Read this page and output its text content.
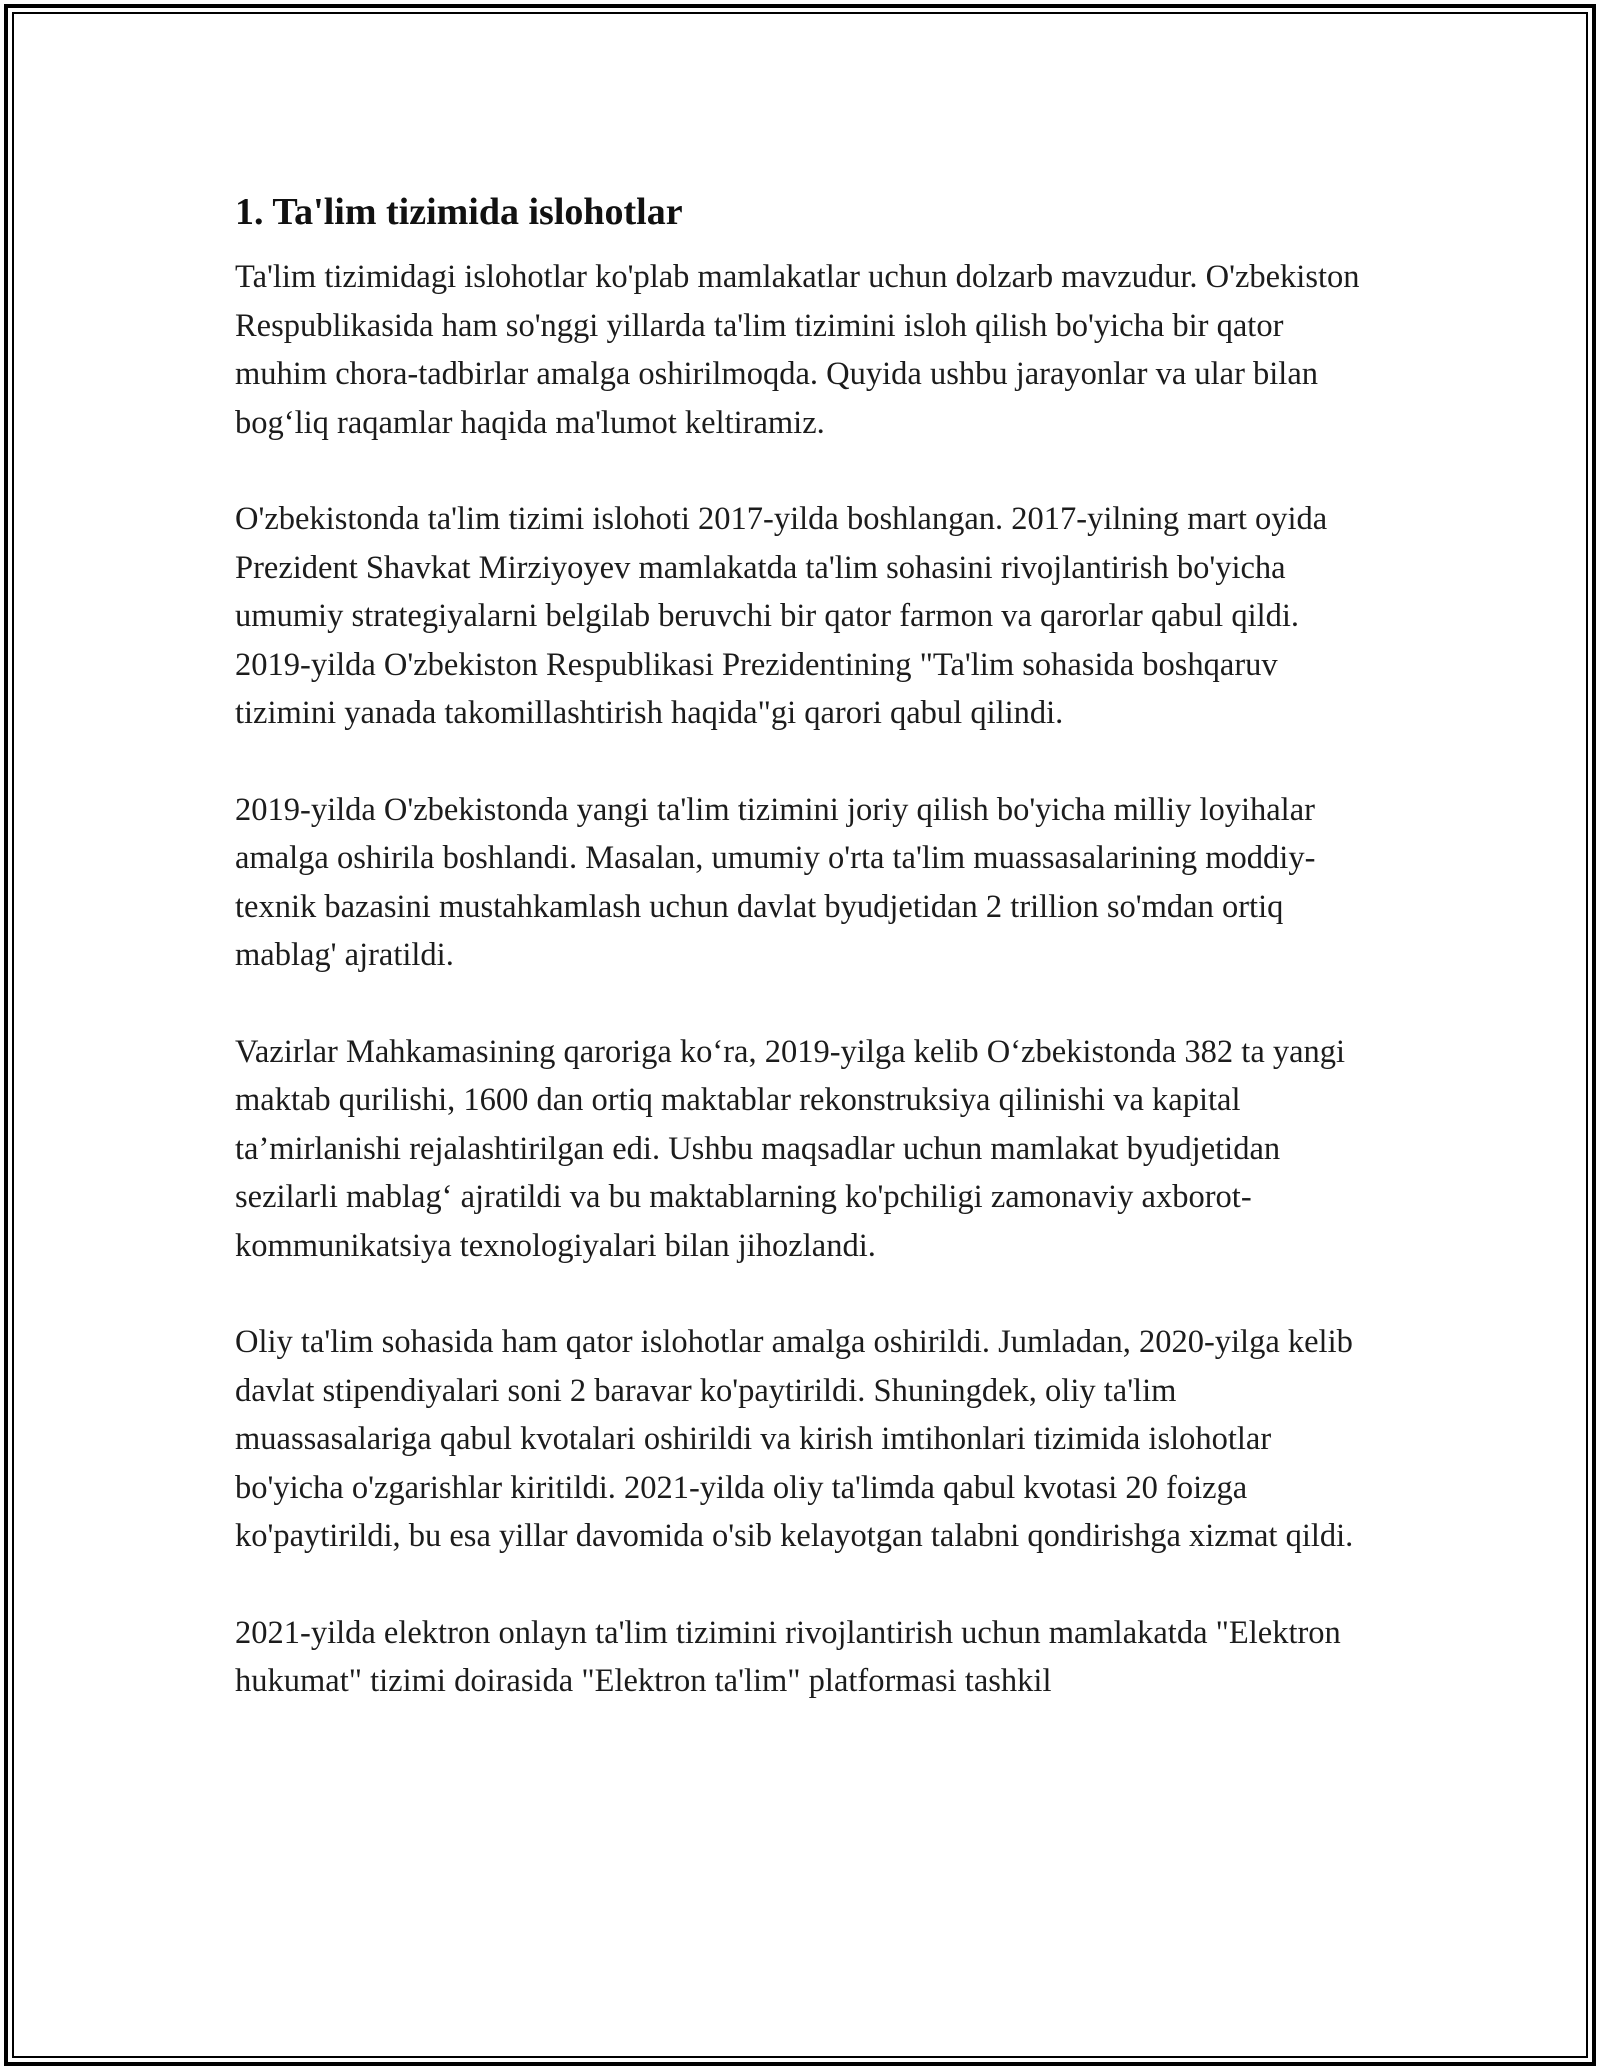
1. Ta'lim tizimida islohotlar

Ta'lim tizimidagi islohotlar ko'plab mamlakatlar uchun dolzarb mavzudur. O'zbekiston Respublikasida ham so'nggi yillarda ta'lim tizimini isloh qilish bo'yicha bir qator muhim chora-tadbirlar amalga oshirilmoqda. Quyida ushbu jarayonlar va ular bilan bog‘liq raqamlar haqida ma'lumot keltiramiz.

O'zbekistonda ta'lim tizimi islohoti 2017-yilda boshlangan. 2017-yilning mart oyida Prezident Shavkat Mirziyoyev mamlakatda ta'lim sohasini rivojlantirish bo'yicha umumiy strategiyalarni belgilab beruvchi bir qator farmon va qarorlar qabul qildi. 2019-yilda O'zbekiston Respublikasi Prezidentining "Ta'lim sohasida boshqaruv tizimini yanada takomillashtirish haqida"gi qarori qabul qilindi.

2019-yilda O'zbekistonda yangi ta'lim tizimini joriy qilish bo'yicha milliy loyihalar amalga oshirila boshlandi. Masalan, umumiy o'rta ta'lim muassasalarining moddiy-texnik bazasini mustahkamlash uchun davlat byudjetidan 2 trillion so'mdan ortiq mablag' ajratildi.

Vazirlar Mahkamasining qaroriga ko‘ra, 2019-yilga kelib O‘zbekistonda 382 ta yangi maktab qurilishi, 1600 dan ortiq maktablar rekonstruksiya qilinishi va kapital ta’mirlanishi rejalashtirilgan edi. Ushbu maqsadlar uchun mamlakat byudjetidan sezilarli mablag‘ ajratildi va bu maktablarning ko'pchiligi zamonaviy axborot-kommunikatsiya texnologiyalari bilan jihozlandi.

Oliy ta'lim sohasida ham qator islohotlar amalga oshirildi. Jumladan, 2020-yilga kelib davlat stipendiyalari soni 2 baravar ko'paytirildi. Shuningdek, oliy ta'lim muassasalariga qabul kvotalari oshirildi va kirish imtihonlari tizimida islohotlar bo'yicha o'zgarishlar kiritildi. 2021-yilda oliy ta'limda qabul kvotasi 20 foizga ko'paytirildi, bu esa yillar davomida o'sib kelayotgan talabni qondirishga xizmat qildi.

2021-yilda elektron onlayn ta'lim tizimini rivojlantirish uchun mamlakatda "Elektron hukumat" tizimi doirasida "Elektron ta'lim" platformasi tashkil
